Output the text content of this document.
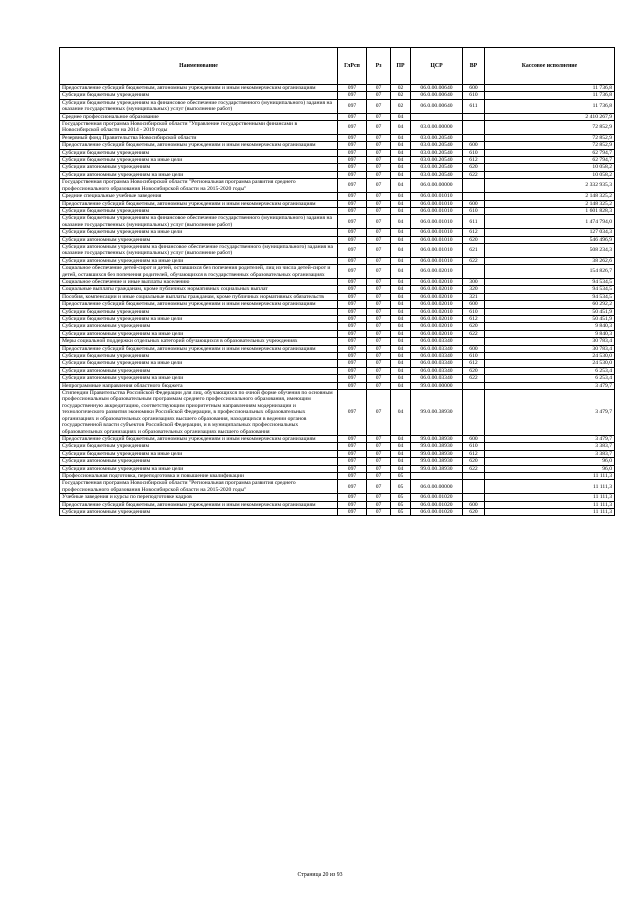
Наименование	ГлРсп	Рз	ПР	ЦСР	ВР	Кассовое исполнение
Предоставление субсидий бюджетным, автономным учреждениям и иным некоммерческим организациям	097	07	02	06.0.00.00640	600	11 736,8
Субсидии бюджетным учреждениям	097	07	02	06.0.00.00640	610	11 736,8
Субсидии бюджетным учреждениям на финансовое обеспечение государственного (муниципального) задания на оказание государственных (муниципальных) услуг (выполнение работ)	097	07	02	06.0.00.00640	611	11 736,8
Среднее профессиональное образование	097	07	04			2 410 267,9
Государственная программа Новосибирской области "Управление государственными финансами в Новосибирской области на 2014 - 2019 годы	097	07	04	03.0.00.00000		72 852,9
Резервный фонд Правительства Новосибирской области	097	07	04	03.0.00.20540		72 852,9
Предоставление субсидий бюджетным, автономным учреждениям и иным некоммерческим организациям	097	07	04	03.0.00.20540	600	72 852,9
Субсидии бюджетным учреждениям	097	07	04	03.0.00.20540	610	62 794,7
Субсидии бюджетным учреждениям на иные цели	097	07	04	03.0.00.20540	612	62 794,7
Субсидии автономным учреждениям	097	07	04	03.0.00.20540	620	10 058,2
Субсидии автономным учреждениям на иные цели	097	07	04	03.0.00.20540	622	10 058,2
Государственная программа Новосибирской области "Региональная программа развития среднего профессионального образования Новосибирской области на 2015-2020 годы"	097	07	04	06.0.00.00000		2 332 935,3
Средние специальные учебные заведения	097	07	04	06.0.00.01010		2 148 325,2
Предоставление субсидий бюджетным, автономным учреждениям и иным некоммерческим организациям	097	07	04	06.0.00.01010	600	2 148 325,2
Субсидии бюджетным учреждениям	097	07	04	06.0.00.01010	610	1 601 828,3
Субсидии бюджетным учреждениям на финансовое обеспечение государственного (муниципального) задания на оказание государственных (муниципальных) услуг (выполнение работ)	097	07	04	06.0.00.01010	611	1 474 794,0
Субсидии бюджетным учреждениям на иные цели	097	07	04	06.0.00.01010	612	127 034,3
Субсидии автономным учреждениям	097	07	04	06.0.00.01010	620	546 496,9
Субсидии автономным учреждениям на финансовое обеспечение государственного (муниципального) задания на оказание государственных (муниципальных) услуг (выполнение работ)	097	07	04	06.0.00.01010	621	508 234,3
Субсидии автономным учреждениям на иные цели	097	07	04	06.0.00.01010	622	38 262,6
Социальное обеспечение детей-сирот и детей, оставшихся без попечения родителей, лиц из числа детей-сирот и детей, оставшихся без попечения родителей, обучающихся в государственных образовательных организациях	097	07	04	06.0.00.02010		154 826,7
Социальное обеспечение и иные выплаты населению	097	07	04	06.0.00.02010	300	94 534,5
Социальные выплаты гражданам, кроме публичных нормативных социальных выплат	097	07	04	06.0.00.02010	320	94 534,5
Пособия, компенсации и иные социальные выплаты гражданам, кроме публичных нормативных обязательств	097	07	04	06.0.00.02010	321	94 534,5
Предоставление субсидий бюджетным, автономным учреждениям и иным некоммерческим организациям	097	07	04	06.0.00.02010	600	60 292,2
Субсидии бюджетным учреждениям	097	07	04	06.0.00.02010	610	50 451,9
Субсидии бюджетным учреждениям на иные цели	097	07	04	06.0.00.02010	612	50 451,9
Субсидии автономным учреждениям	097	07	04	06.0.00.02010	620	9 840,3
Субсидии автономным учреждениям на иные цели	097	07	04	06.0.00.02010	622	9 840,3
Меры социальной поддержки отдельных категорий обучающихся в образовательных учреждениях	097	07	04	06.0.00.03340		30 783,4
Предоставление субсидий бюджетным, автономным учреждениям и иным некоммерческим организациям	097	07	04	06.0.00.03340	600	30 783,4
Субсидии бюджетным учреждениям	097	07	04	06.0.00.03340	610	24 530,0
Субсидии бюджетным учреждениям на иные цели	097	07	04	06.0.00.03340	612	24 530,0
Субсидии автономным учреждениям	097	07	04	06.0.00.03340	620	6 253,4
Субсидии автономным учреждениям на иные цели	097	07	04	06.0.00.03340	622	6 253,4
Непрограммные направления областного бюджета	097	07	04	99.0.00.00000		3 479,7
Стипендии Правительства Российской Федерации для лиц, обучающихся по очной форме обучения по основным профессиональным образовательным программам среднего профессионального образования, имеющим государственную аккредитацию, соответствующим приоритетным направлениям модернизации и технологического развития экономики Российской Федерации, в профессиональных образовательных организациях и образовательных организациях высшего образования, находящихся в ведении органов государственной власти субъектов Российской Федерации, и в муниципальных профессиональных образовательных организациях и образовательных организациях высшего образования	097	07	04	99.0.00.38930		3 479,7
Предоставление субсидий бюджетным, автономным учреждениям и иным некоммерческим организациям	097	07	04	99.0.00.38930	600	3 479,7
Субсидии бюджетным учреждениям	097	07	04	99.0.00.38930	610	3 383,7
Субсидии бюджетным учреждениям на иные цели	097	07	04	99.0.00.38930	612	3 383,7
Субсидии автономным учреждениям	097	07	04	99.0.00.38930	620	96,0
Субсидии автономным учреждениям на иные цели	097	07	04	99.0.00.38930	622	96,0
Профессиональная подготовка, переподготовка и повышение квалификации	097	07	05			11 111,3
Государственная программа Новосибирской области "Региональная программа развития среднего профессионального образования Новосибирской области на 2015-2020 годы"	097	07	05	06.0.00.00000		11 111,3
Учебные заведения и курсы по переподготовке кадров	097	07	05	06.0.00.01020		11 111,3
Предоставление субсидий бюджетным, автономным учреждениям и иным некоммерческим организациям	097	07	05	06.0.00.01020	600	11 111,3
Субсидии автономным учреждениям	097	07	05	06.0.00.01020	620	11 111,3
Страница 20 из 93
